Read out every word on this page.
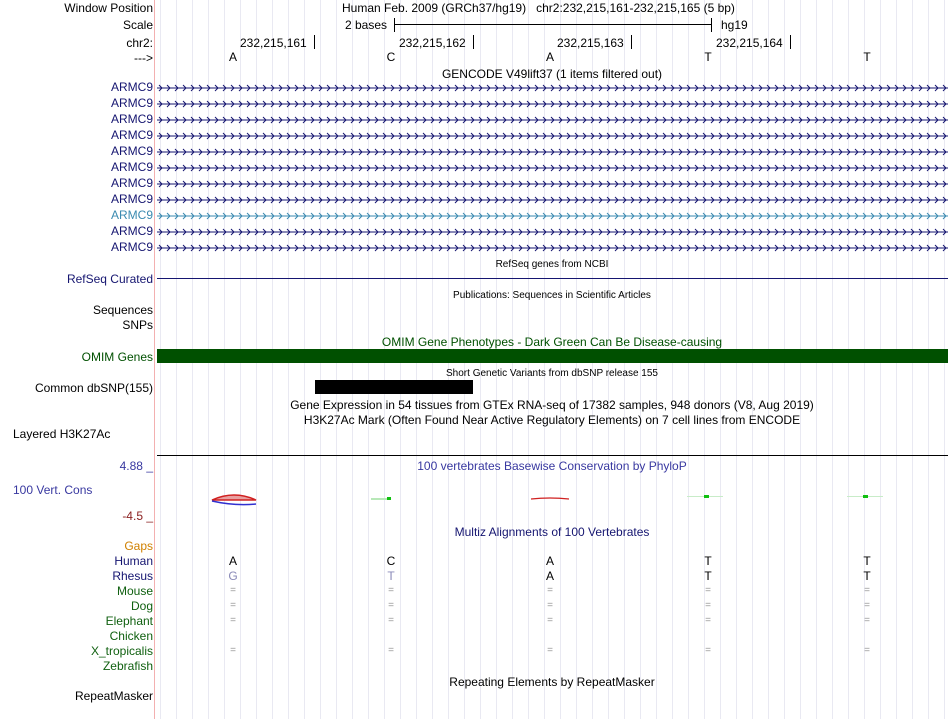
Window Position	Human Feb. 2009 (GRCh37/hg19)   chr2:232,215,161-232,215,165 (5 bp)
Scale	2 bases	hg19
chr2:	232,215,161	232,215,162	232,215,163	232,215,164
--->	A	C	A	T	T
GENCODE V49lift37 (1 items filtered out)
ARMC9
ARMC9
ARMC9
ARMC9
ARMC9
ARMC9
ARMC9
ARMC9
ARMC9
ARMC9
ARMC9
RefSeq genes from NCBI
RefSeq Curated
Publications: Sequences in Scientific Articles
Sequences
SNPs
OMIM Gene Phenotypes - Dark Green Can Be Disease-causing
OMIM Genes
Short Genetic Variants from dbSNP release 155
Common dbSNP(155)
Gene Expression in 54 tissues from GTEx RNA-seq of 17382 samples, 948 donors (V8, Aug 2019)
H3K27Ac Mark (Often Found Near Active Regulatory Elements) on 7 cell lines from ENCODE
Layered H3K27Ac
100 vertebrates Basewise Conservation by PhyloP
4.88 _
100 Vert. Cons
-4.5 _
Multiz Alignments of 100 Vertebrates
Gaps
Human	A	C	A	T	T
Rhesus	G	T	A	T	T
Mouse	=	=	=	=	=
Dog	=	=	=	=	=
Elephant	=	=	=	=	=
Chicken
X_tropicalis	=	=	=	=	=
Zebrafish
Repeating Elements by RepeatMasker
RepeatMasker
